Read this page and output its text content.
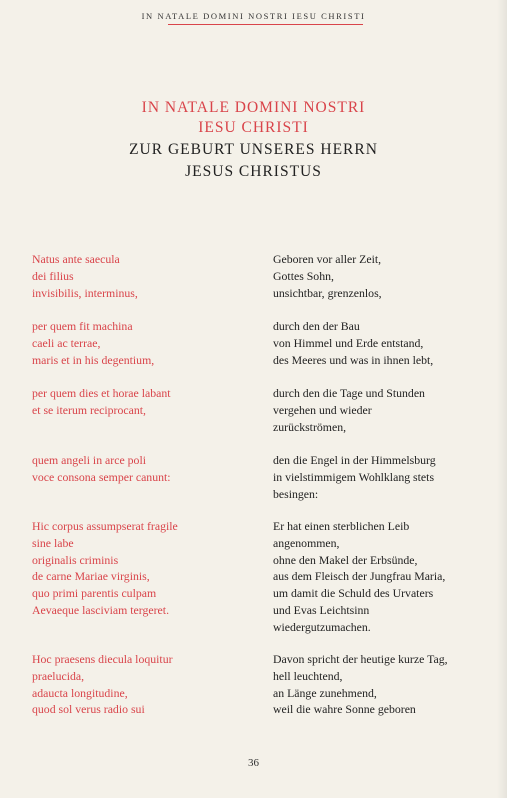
IN NATALE DOMINI NOSTRI IESU CHRISTI
IN NATALE DOMINI NOSTRI
IESU CHRISTI
ZUR GEBURT UNSERES HERRN
JESUS CHRISTUS
Natus ante saecula
dei filius
invisibilis, interminus,
Geboren vor aller Zeit,
Gottes Sohn,
unsichtbar, grenzenlos,
per quem fit machina
caeli ac terrae,
maris et in his degentium,
durch den der Bau
von Himmel und Erde entstand,
des Meeres und was in ihnen lebt,
per quem dies et horae labant
et se iterum reciprocant,
durch den die Tage und Stunden
vergehen und wieder
zurückströmen,
quem angeli in arce poli
voce consona semper canunt:
den die Engel in der Himmelsburg
in vielstimmigem Wohlklang stets
besingen:
Hic corpus assumpserat fragile
sine labe
originalis criminis
de carne Mariae virginis,
quo primi parentis culpam
Aevaeque lasciviam tergeret.
Er hat einen sterblichen Leib
angenommen,
ohne den Makel der Erbsünde,
aus dem Fleisch der Jungfrau Maria,
um damit die Schuld des Urvaters
und Evas Leichtsinn
wiedergutzumachen.
Hoc praesens diecula loquitur
praelucida,
adaucta longitudine,
quod sol verus radio sui
Davon spricht der heutige kurze Tag,
hell leuchtend,
an Länge zunehmend,
weil die wahre Sonne geboren
36
